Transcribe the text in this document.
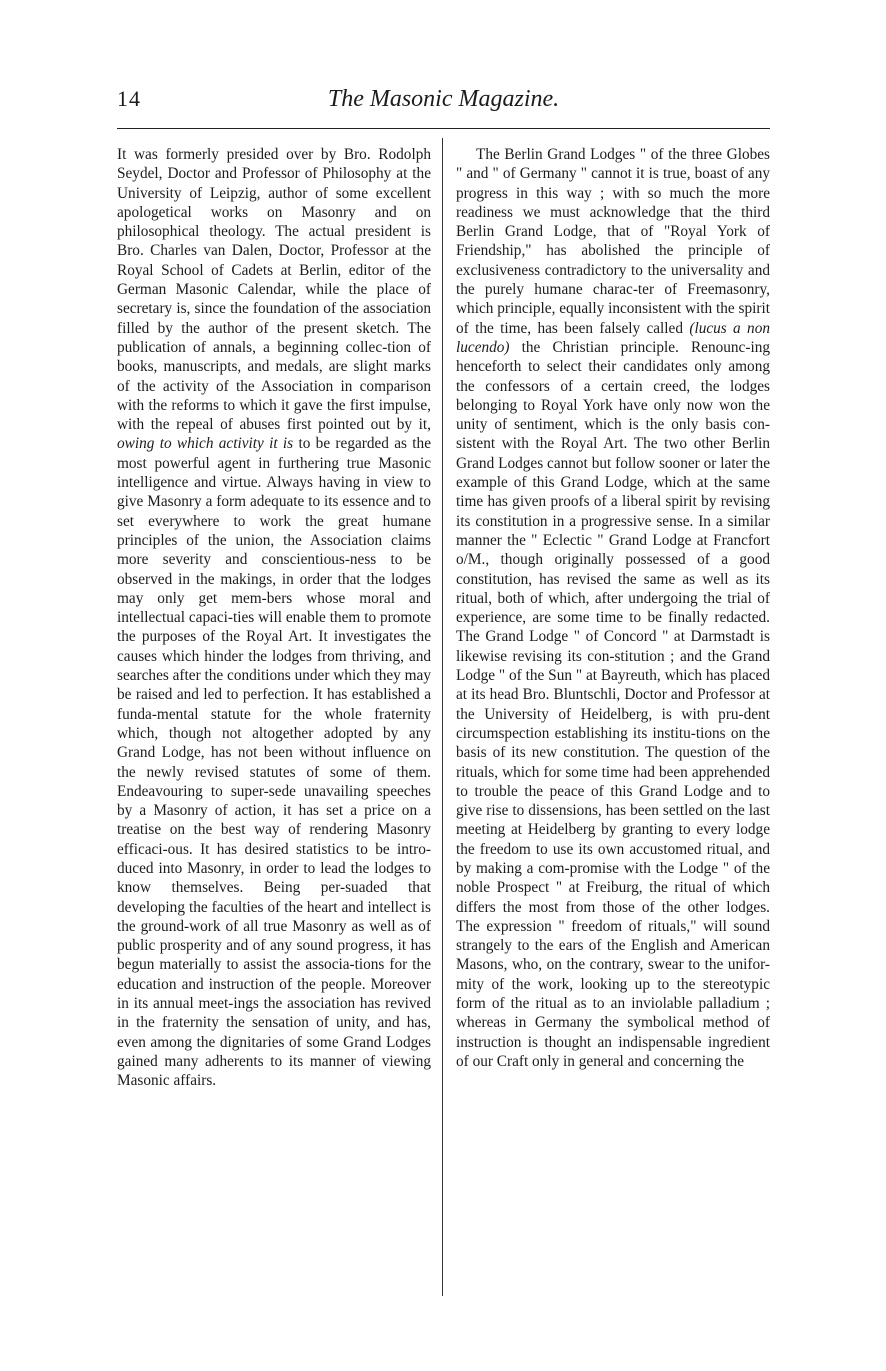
14	The Masonic Magazine.

It was formerly presided over by Bro. Rodolph Seydel, Doctor and Professor of Philosophy at the University of Leipzig, author of some excellent apologetical works on Masonry and on philosophical theology. The actual president is Bro. Charles van Dalen, Doctor, Professor at the Royal School of Cadets at Berlin, editor of the German Masonic Calendar, while the place of secretary is, since the foundation of the association filled by the author of the present sketch. The publication of annals, a beginning collec-tion of books, manuscripts, and medals, are slight marks of the activity of the Association in comparison with the reforms to which it gave the first impulse, with the repeal of abuses first pointed out by it, owing to which activity it is to be regarded as the most powerful agent in furthering true Masonic intelligence and virtue. Always having in view to give Masonry a form adequate to its essence and to set everywhere to work the great humane principles of the union, the Association claims more severity and conscientious-ness to be observed in the makings, in order that the lodges may only get mem-bers whose moral and intellectual capaci-ties will enable them to promote the purposes of the Royal Art. It investigates the causes which hinder the lodges from thriving, and searches after the conditions under which they may be raised and led to perfection. It has established a funda-mental statute for the whole fraternity which, though not altogether adopted by any Grand Lodge, has not been without influence on the newly revised statutes of some of them. Endeavouring to super-sede unavailing speeches by a Masonry of action, it has set a price on a treatise on the best way of rendering Masonry efficaci-ous. It has desired statistics to be intro-duced into Masonry, in order to lead the lodges to know themselves. Being per-suaded that developing the faculties of the heart and intellect is the ground-work of all true Masonry as well as of public prosperity and of any sound progress, it has begun materially to assist the associa-tions for the education and instruction of the people. Moreover in its annual meet-ings the association has revived in the fraternity the sensation of unity, and has, even among the dignitaries of some Grand Lodges gained many adherents to its manner of viewing Masonic affairs.

The Berlin Grand Lodges " of the three Globes " and " of Germany " cannot it is true, boast of any progress in this way ; with so much the more readiness we must acknowledge that the third Berlin Grand Lodge, that of "Royal York of Friendship," has abolished the principle of exclusiveness contradictory to the universality and the purely humane charac-ter of Freemasonry, which principle, equally inconsistent with the spirit of the time, has been falsely called (lucus a non lucendo) the Christian principle. Renounc-ing henceforth to select their candidates only among the confessors of a certain creed, the lodges belonging to Royal York have only now won the unity of sentiment, which is the only basis con-sistent with the Royal Art. The two other Berlin Grand Lodges cannot but follow sooner or later the example of this Grand Lodge, which at the same time has given proofs of a liberal spirit by revising its constitution in a progressive sense. In a similar manner the " Eclectic " Grand Lodge at Francfort o/M., though originally possessed of a good constitution, has revised the same as well as its ritual, both of which, after undergoing the trial of experience, are some time to be finally redacted. The Grand Lodge " of Concord " at Darmstadt is likewise revising its con-stitution ; and the Grand Lodge " of the Sun " at Bayreuth, which has placed at its head Bro. Bluntschli, Doctor and Professor at the University of Heidelberg, is with pru-dent circumspection establishing its institu-tions on the basis of its new constitution. The question of the rituals, which for some time had been apprehended to trouble the peace of this Grand Lodge and to give rise to dissensions, has been settled on the last meeting at Heidelberg by granting to every lodge the freedom to use its own accustomed ritual, and by making a com-promise with the Lodge " of the noble Prospect " at Freiburg, the ritual of which differs the most from those of the other lodges. The expression " freedom of rituals," will sound strangely to the ears of the English and American Masons, who, on the contrary, swear to the unifor-mity of the work, looking up to the stereotypic form of the ritual as to an inviolable palladium ; whereas in Germany the symbolical method of instruction is thought an indispensable ingredient of our Craft only in general and concerning the
